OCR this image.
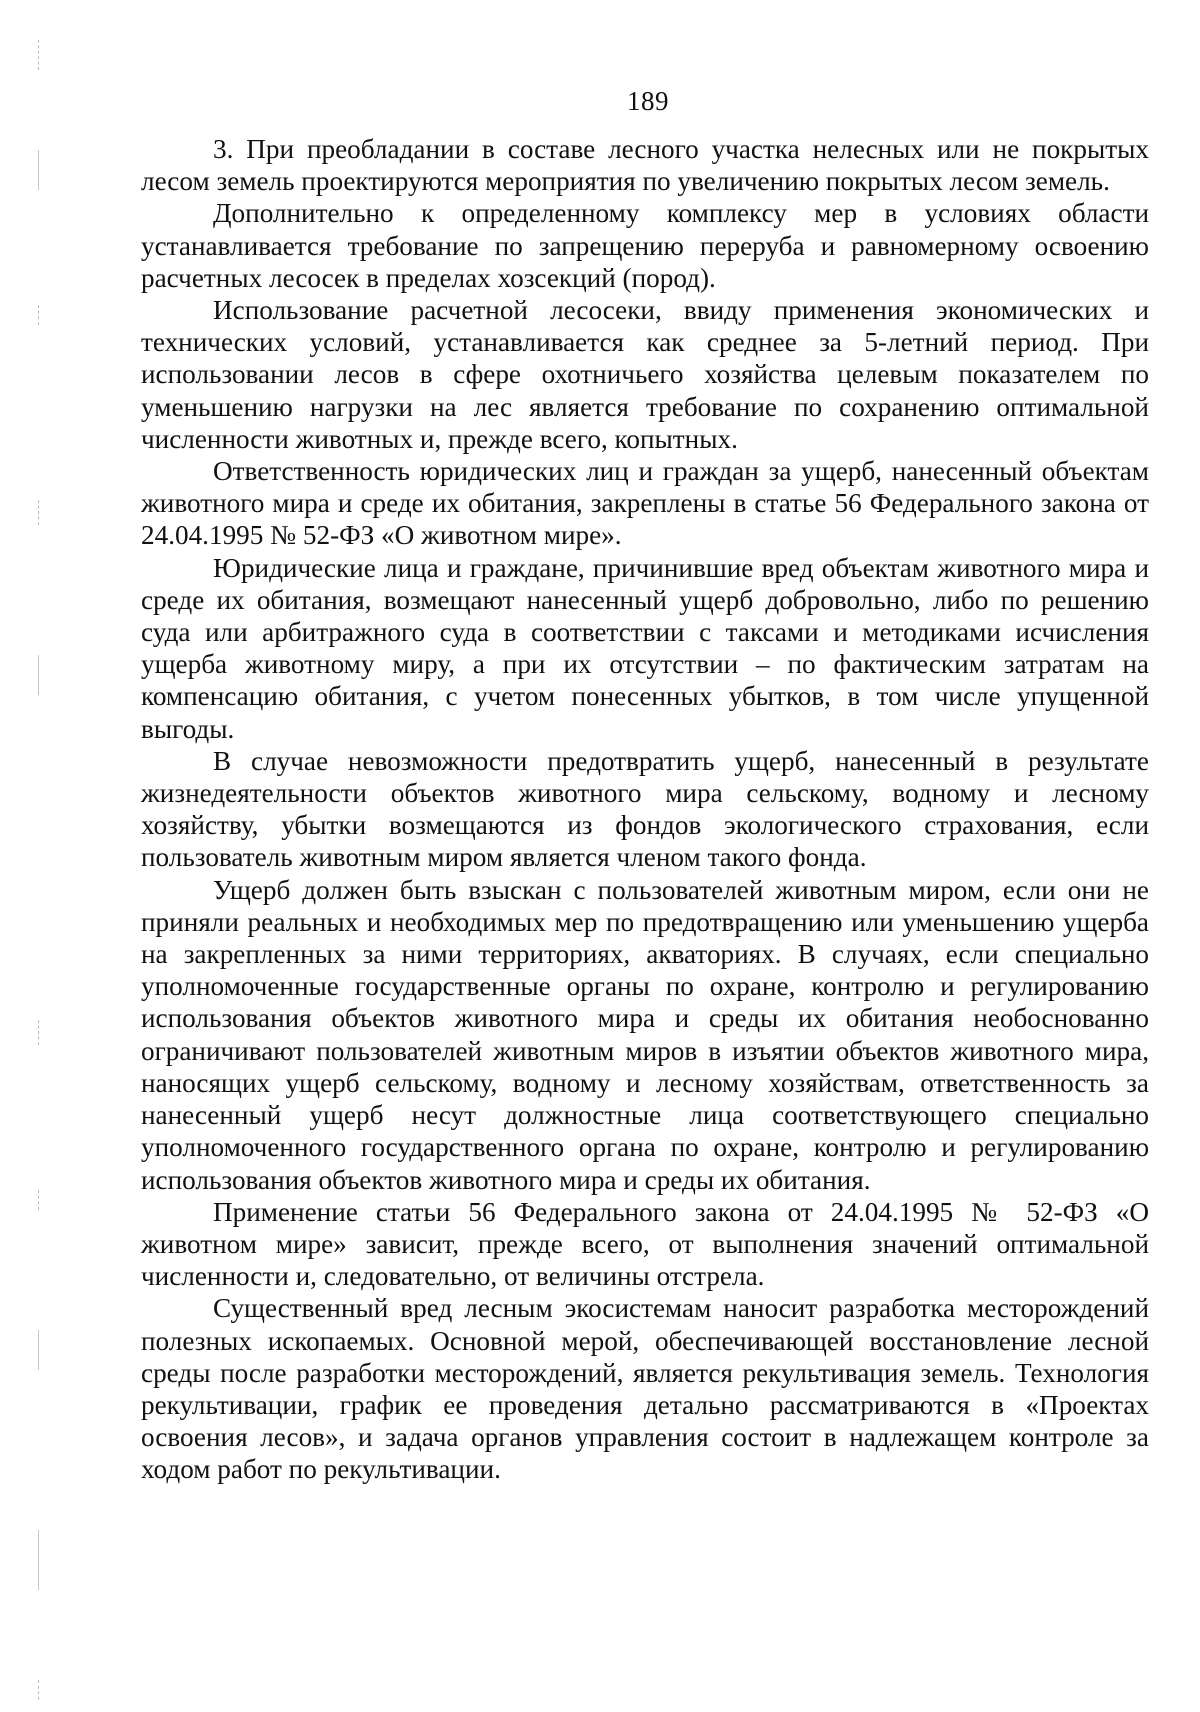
189

3. При преобладании в составе лесного участка нелесных или не покрытых лесом земель проектируются мероприятия по увеличению покрытых лесом земель.

Дополнительно к определенному комплексу мер в условиях области устанавливается требование по запрещению переруба и равномерному освоению расчетных лесосек в пределах хозсекций (пород).

Использование расчетной лесосеки, ввиду применения экономических и технических условий, устанавливается как среднее за 5-летний период. При использовании лесов в сфере охотничьего хозяйства целевым показателем по уменьшению нагрузки на лес является требование по сохранению оптимальной численности животных и, прежде всего, копытных.

Ответственность юридических лиц и граждан за ущерб, нанесенный объектам животного мира и среде их обитания, закреплены в статье 56 Федерального закона от 24.04.1995 № 52-ФЗ «О животном мире».

Юридические лица и граждане, причинившие вред объектам животного мира и среде их обитания, возмещают нанесенный ущерб добровольно, либо по решению суда или арбитражного суда в соответствии с таксами и методиками исчисления ущерба животному миру, а при их отсутствии – по фактическим затратам на компенсацию обитания, с учетом понесенных убытков, в том числе упущенной выгоды.

В случае невозможности предотвратить ущерб, нанесенный в результате жизнедеятельности объектов животного мира сельскому, водному и лесному хозяйству, убытки возмещаются из фондов экологического страхования, если пользователь животным миром является членом такого фонда.

Ущерб должен быть взыскан с пользователей животным миром, если они не приняли реальных и необходимых мер по предотвращению или уменьшению ущерба на закрепленных за ними территориях, акваториях. В случаях, если специально уполномоченные государственные органы по охране, контролю и регулированию использования объектов животного мира и среды их обитания необоснованно ограничивают пользователей животным миров в изъятии объектов животного мира, наносящих ущерб сельскому, водному и лесному хозяйствам, ответственность за нанесенный ущерб несут должностные лица соответствующего специально уполномоченного государственного органа по охране, контролю и регулированию использования объектов животного мира и среды их обитания.

Применение статьи 56 Федерального закона от 24.04.1995 № 52-ФЗ «О животном мире» зависит, прежде всего, от выполнения значений оптимальной численности и, следовательно, от величины отстрела.

Существенный вред лесным экосистемам наносит разработка месторождений полезных ископаемых. Основной мерой, обеспечивающей восстановление лесной среды после разработки месторождений, является рекультивация земель. Технология рекультивации, график ее проведения детально рассматриваются в «Проектах освоения лесов», и задача органов управления состоит в надлежащем контроле за ходом работ по рекультивации.
